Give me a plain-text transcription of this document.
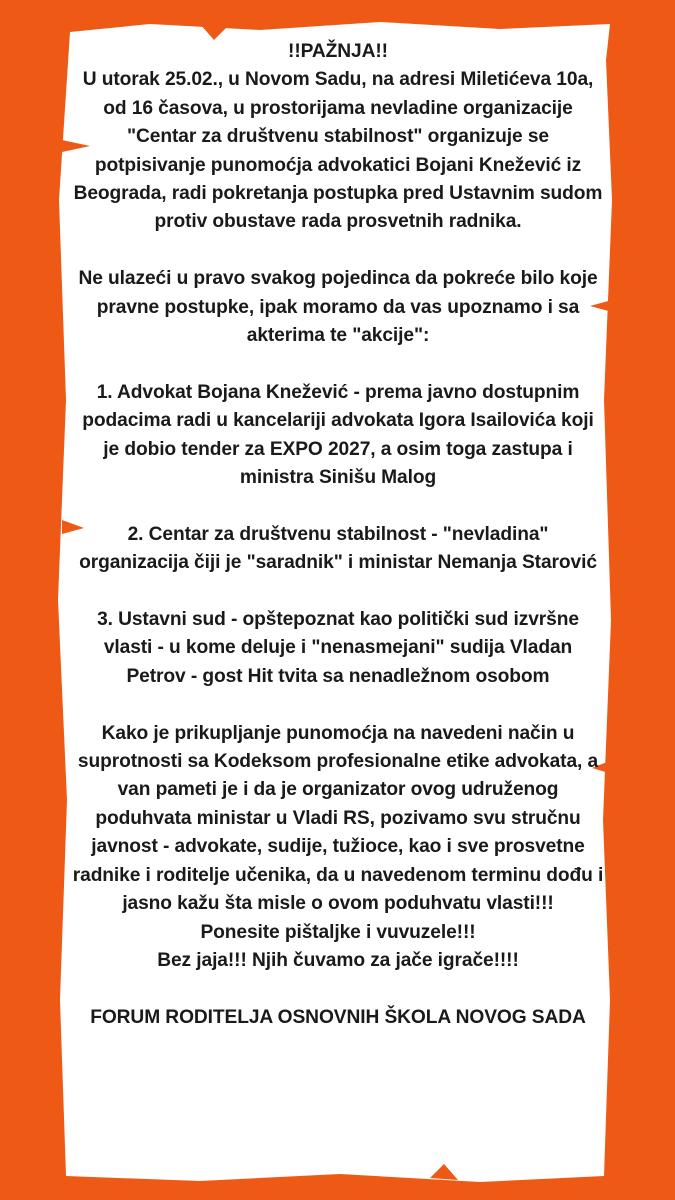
!!PAŽNJA!!

U utorak 25.02., u Novom Sadu, na adresi Miletićeva 10a, od 16 časova, u prostorijama nevladine organizacije "Centar za društvenu stabilnost" organizuje se potpisivanje punomoćja advokatici Bojani Knežević iz Beograda, radi pokretanja postupka pred Ustavnim sudom protiv obustave rada prosvetnih radnika.

Ne ulazeći u pravo svakog pojedinca da pokreće bilo koje pravne postupke, ipak moramo da vas upoznamo i sa akterima te "akcije":

1. Advokat Bojana Knežević - prema javno dostupnim podacima radi u kancelariji advokata Igora Isailovića koji je dobio tender za EXPO 2027, a osim toga zastupa i ministra Sinišu Malog

2. Centar za društvenu stabilnost - "nevladina" organizacija čiji je "saradnik" i ministar Nemanja Starović

3. Ustavni sud - opštepoznat kao politički sud izvršne vlasti - u kome deluje i "nenasmejani" sudija Vladan Petrov - gost Hit tvita sa nenadležnom osobom

Kako je prikupljanje punomoćja na navedeni način u suprotnosti sa Kodeksom profesionalne etike advokata, a van pameti je i da je organizator ovog udruženog poduhvata ministar u Vladi RS, pozivamo svu stručnu javnost - advokate, sudije, tužioce, kao i sve prosvetne radnike i roditelje učenika, da u navedenom terminu dođu i jasno kažu šta misle o ovom poduhvatu vlasti!!!

Ponesite pištaljke i vuvuzele!!!

Bez jaja!!! Njih čuvamo za jače igrače!!!!

FORUM RODITELJA OSNOVNIH ŠKOLA NOVOG SADA
